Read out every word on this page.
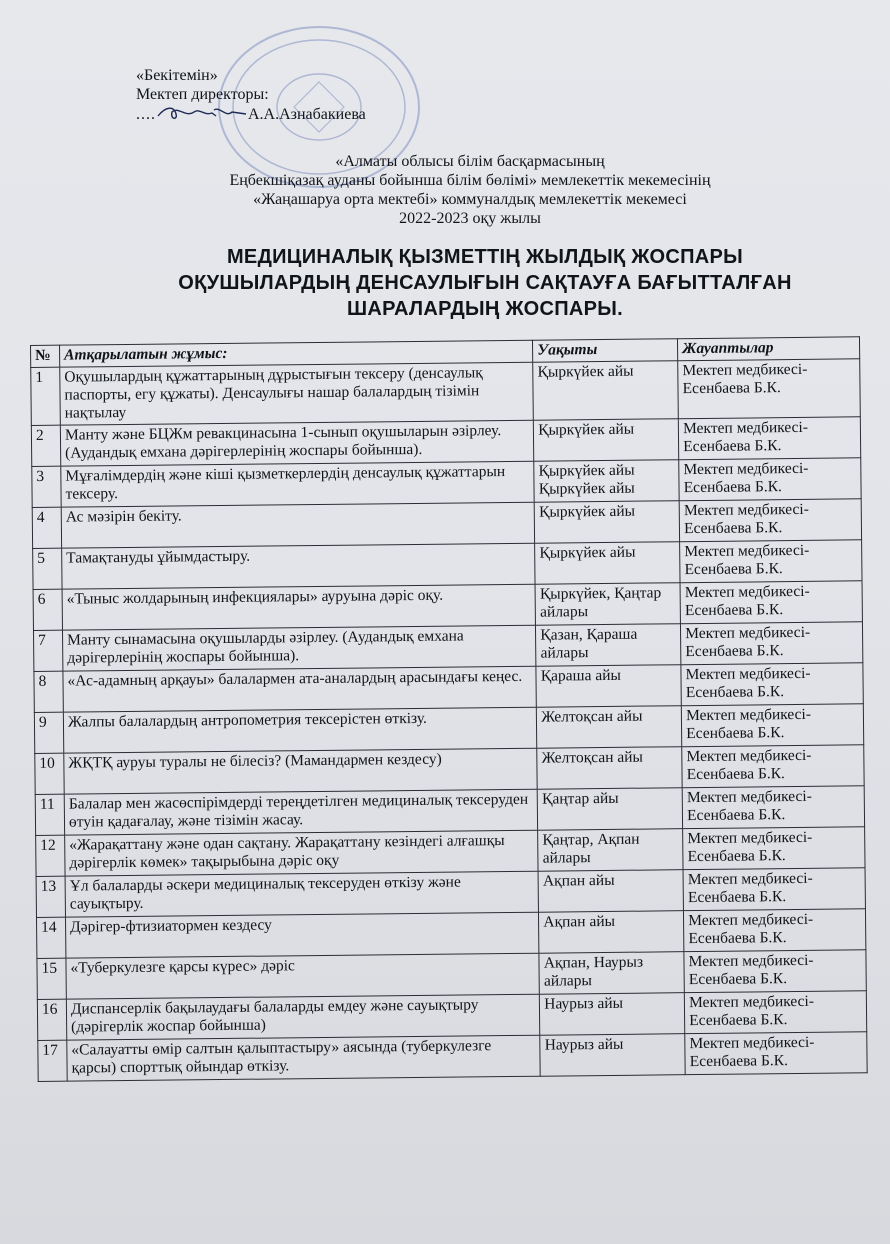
«Бекітемін»
Мектеп директоры:
....	А.А.Азнабакиева
«Алматы облысы білім басқармасының
Еңбекшіқазақ ауданы бойынша білім бөлімі» мемлекеттік мекемесінің
«Жаңашаруа орта мектебі» коммуналдық мемлекеттік мекемесі
2022-2023 оқу жылы
МЕДИЦИНАЛЫҚ ҚЫЗМЕТТІҢ ЖЫЛДЫҚ ЖОСПАРЫ
ОҚУШЫЛАРДЫҢ ДЕНСАУЛЫҒЫН САҚТАУҒА БАҒЫТТАЛҒАН
ШАРАЛАРДЫҢ ЖОСПАРЫ.
№	Атқарылатын жұмыс:	Уақыты	Жауаптылар
1	Оқушылардың құжаттарының дұрыстығын тексеру (денсаулық паспорты, егу құжаты). Денсаулығы нашар балалардың тізімін нақтылау	Қыркүйек айы	Мектеп медбикесі- Есенбаева Б.К.
2	Манту және БЦЖм ревакцинасына 1-сынып оқушыларын әзірлеу. (Аудандық емхана дәрігерлерінің жоспары бойынша).	Қыркүйек айы	Мектеп медбикесі- Есенбаева Б.К.
3	Мұғалімдердің және кіші қызметкерлердің денсаулық құжаттарын тексеру.	Қыркүйек айы Қыркүйек айы	Мектеп медбикесі- Есенбаева Б.К.
4	Ас мәзірін бекіту.	Қыркүйек айы	Мектеп медбикесі- Есенбаева Б.К.
5	Тамақтануды ұйымдастыру.	Қыркүйек айы	Мектеп медбикесі- Есенбаева Б.К.
6	«Тыныс жолдарының инфекциялары» ауруына дәріс оқу.	Қыркүйек, Қаңтар айлары	Мектеп медбикесі- Есенбаева Б.К.
7	Манту сынамасына оқушыларды әзірлеу. (Аудандық емхана дәрігерлерінің жоспары бойынша).	Қазан, Қараша айлары	Мектеп медбикесі- Есенбаева Б.К.
8	«Ас-адамның арқауы» балалармен ата-аналардың арасындағы кеңес.	Қараша айы	Мектеп медбикесі- Есенбаева Б.К.
9	Жалпы балалардың антропометрия тексерістен өткізу.	Желтоқсан айы	Мектеп медбикесі- Есенбаева Б.К.
10	ЖҚТҚ ауруы туралы не білесіз? (Мамандармен кездесу)	Желтоқсан айы	Мектеп медбикесі- Есенбаева Б.К.
11	Балалар мен жасөспірімдерді тереңдетілген медициналық тексеруден өтуін қадағалау, және тізімін жасау.	Қаңтар айы	Мектеп медбикесі- Есенбаева Б.К.
12	«Жарақаттану және одан сақтану. Жарақаттану кезіндегі алғашқы дәрігерлік көмек» тақырыбына дәріс оқу	Қаңтар, Ақпан айлары	Мектеп медбикесі- Есенбаева Б.К.
13	Ұл балаларды әскери медициналық тексеруден өткізу және сауықтыру.	Ақпан айы	Мектеп медбикесі- Есенбаева Б.К.
14	Дәрігер-фтизиатормен кездесу	Ақпан айы	Мектеп медбикесі- Есенбаева Б.К.
15	«Туберкулезге қарсы күрес» дәріс	Ақпан, Наурыз айлары	Мектеп медбикесі- Есенбаева Б.К.
16	Диспансерлік бақылаудағы балаларды емдеу және сауықтыру (дәрігерлік жоспар бойынша)	Наурыз айы	Мектеп медбикесі- Есенбаева Б.К.
17	«Салауатты өмір салтын қалыптастыру» аясында (туберкулезге қарсы) спорттық ойындар өткізу.	Наурыз айы	Мектеп медбикесі- Есенбаева Б.К.
